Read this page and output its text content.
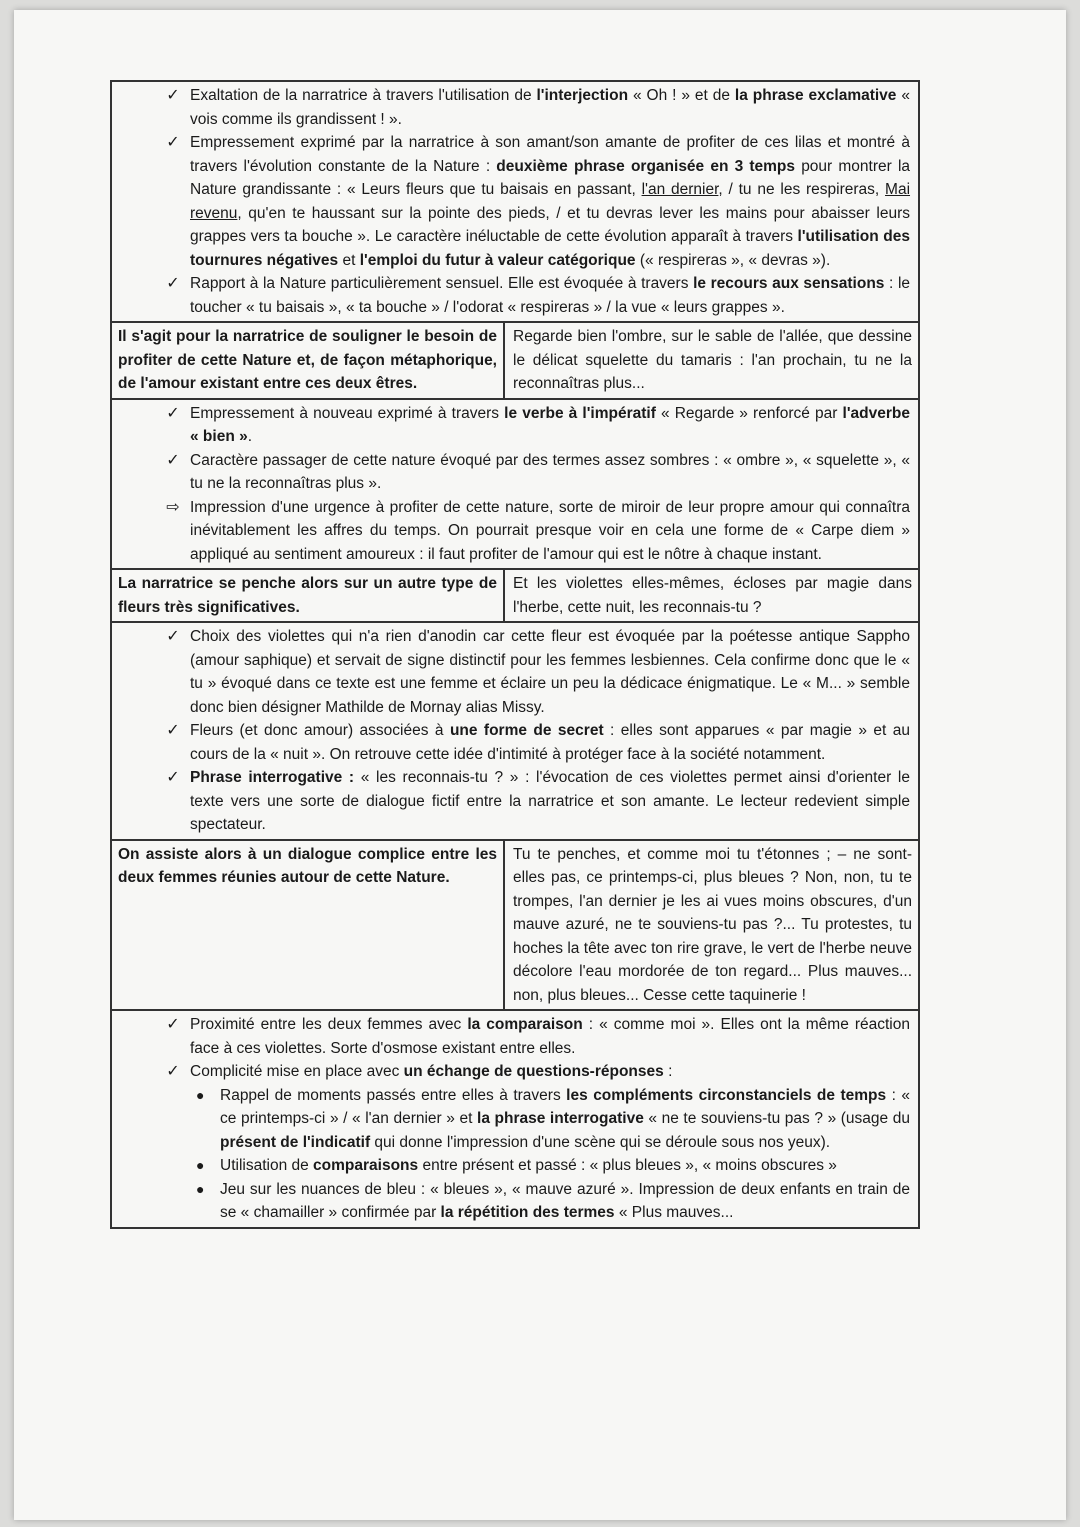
✓ Exaltation de la narratrice à travers l'utilisation de l'interjection « Oh ! » et de la phrase exclamative « vois comme ils grandissent ! ».
✓ Empressement exprimé par la narratrice à son amant/son amante de profiter de ces lilas et montré à travers l'évolution constante de la Nature : deuxième phrase organisée en 3 temps pour montrer la Nature grandissante : « Leurs fleurs que tu baisais en passant, l'an dernier, / tu ne les respireras, Mai revenu, qu'en te haussant sur la pointe des pieds, / et tu devras lever les mains pour abaisser leurs grappes vers ta bouche ». Le caractère inéluctable de cette évolution apparaît à travers l'utilisation des tournures négatives et l'emploi du futur à valeur catégorique (« respireras », « devras »).
✓ Rapport à la Nature particulièrement sensuel. Elle est évoquée à travers le recours aux sensations : le toucher « tu baisais », « ta bouche » / l'odorat « respireras » / la vue « leurs grappes ».
Il s'agit pour la narratrice de souligner le besoin de profiter de cette Nature et, de façon métaphorique, de l'amour existant entre ces deux êtres.
Regarde bien l'ombre, sur le sable de l'allée, que dessine le délicat squelette du tamaris : l'an prochain, tu ne la reconnaîtras plus...
✓ Empressement à nouveau exprimé à travers le verbe à l'impératif « Regarde » renforcé par l'adverbe « bien ».
✓ Caractère passager de cette nature évoqué par des termes assez sombres : « ombre », « squelette », « tu ne la reconnaîtras plus ».
⇨ Impression d'une urgence à profiter de cette nature, sorte de miroir de leur propre amour qui connaîtra inévitablement les affres du temps. On pourrait presque voir en cela une forme de « Carpe diem » appliqué au sentiment amoureux : il faut profiter de l'amour qui est le nôtre à chaque instant.
La narratrice se penche alors sur un autre type de fleurs très significatives.
Et les violettes elles-mêmes, écloses par magie dans l'herbe, cette nuit, les reconnais-tu ?
✓ Choix des violettes qui n'a rien d'anodin car cette fleur est évoquée par la poétesse antique Sappho (amour saphique) et servait de signe distinctif pour les femmes lesbiennes. Cela confirme donc que le « tu » évoqué dans ce texte est une femme et éclaire un peu la dédicace énigmatique. Le « M... » semble donc bien désigner Mathilde de Mornay alias Missy.
✓ Fleurs (et donc amour) associées à une forme de secret : elles sont apparues « par magie » et au cours de la « nuit ». On retrouve cette idée d'intimité à protéger face à la société notamment.
✓ Phrase interrogative : « les reconnais-tu ? » : l'évocation de ces violettes permet ainsi d'orienter le texte vers une sorte de dialogue fictif entre la narratrice et son amante. Le lecteur redevient simple spectateur.
On assiste alors à un dialogue complice entre les deux femmes réunies autour de cette Nature.
Tu te penches, et comme moi tu t'étonnes ; – ne sont-elles pas, ce printemps-ci, plus bleues ? Non, non, tu te trompes, l'an dernier je les ai vues moins obscures, d'un mauve azuré, ne te souviens-tu pas ?... Tu protestes, tu hoches la tête avec ton rire grave, le vert de l'herbe neuve décolore l'eau mordorée de ton regard... Plus mauves... non, plus bleues... Cesse cette taquinerie !
✓ Proximité entre les deux femmes avec la comparaison : « comme moi ». Elles ont la même réaction face à ces violettes. Sorte d'osmose existant entre elles.
✓ Complicité mise en place avec un échange de questions-réponses :
● Rappel de moments passés entre elles à travers les compléments circonstanciels de temps : « ce printemps-ci » / « l'an dernier » et la phrase interrogative « ne te souviens-tu pas ? » (usage du présent de l'indicatif qui donne l'impression d'une scène qui se déroule sous nos yeux).
● Utilisation de comparaisons entre présent et passé : « plus bleues », « moins obscures »
● Jeu sur les nuances de bleu : « bleues », « mauve azuré ». Impression de deux enfants en train de se « chamailler » confirmée par la répétition des termes « Plus mauves...
